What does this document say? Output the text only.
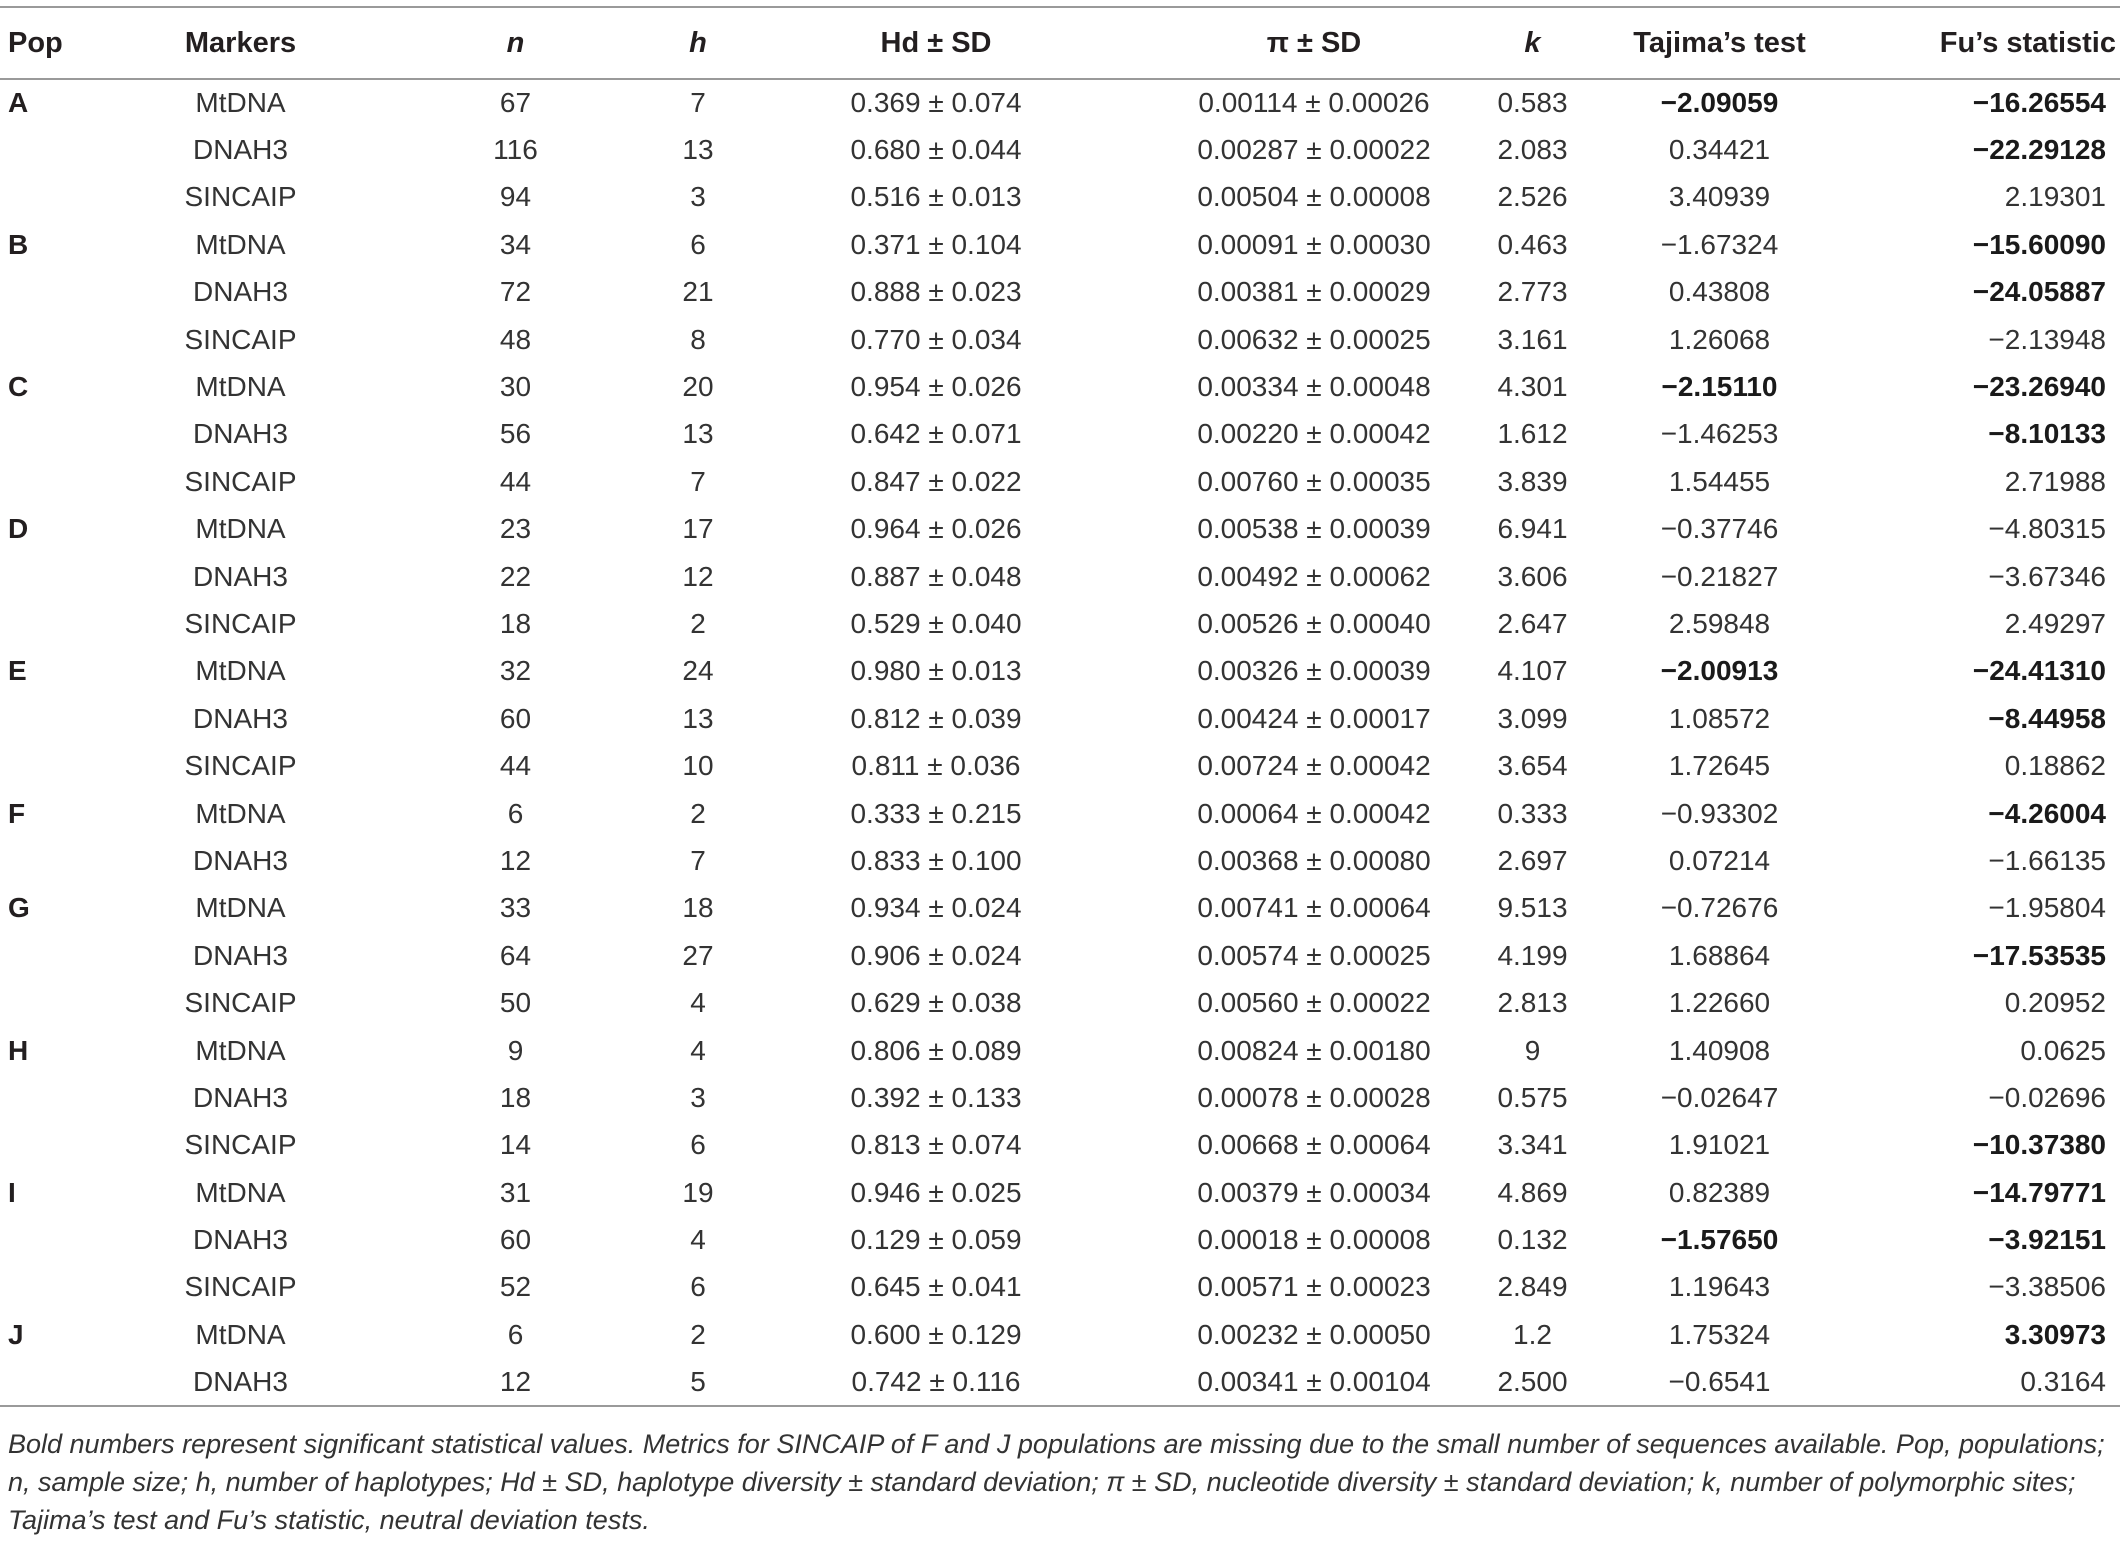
Pop	Markers	n	h	Hd ± SD	π ± SD	k	Tajima’s test	Fu’s statistic
A	MtDNA	67	7	0.369 ± 0.074	0.00114 ± 0.00026	0.583	−2.09059	−16.26554
	DNAH3	116	13	0.680 ± 0.044	0.00287 ± 0.00022	2.083	0.34421	−22.29128
	SINCAIP	94	3	0.516 ± 0.013	0.00504 ± 0.00008	2.526	3.40939	2.19301
B	MtDNA	34	6	0.371 ± 0.104	0.00091 ± 0.00030	0.463	−1.67324	−15.60090
	DNAH3	72	21	0.888 ± 0.023	0.00381 ± 0.00029	2.773	0.43808	−24.05887
	SINCAIP	48	8	0.770 ± 0.034	0.00632 ± 0.00025	3.161	1.26068	−2.13948
C	MtDNA	30	20	0.954 ± 0.026	0.00334 ± 0.00048	4.301	−2.15110	−23.26940
	DNAH3	56	13	0.642 ± 0.071	0.00220 ± 0.00042	1.612	−1.46253	−8.10133
	SINCAIP	44	7	0.847 ± 0.022	0.00760 ± 0.00035	3.839	1.54455	2.71988
D	MtDNA	23	17	0.964 ± 0.026	0.00538 ± 0.00039	6.941	−0.37746	−4.80315
	DNAH3	22	12	0.887 ± 0.048	0.00492 ± 0.00062	3.606	−0.21827	−3.67346
	SINCAIP	18	2	0.529 ± 0.040	0.00526 ± 0.00040	2.647	2.59848	2.49297
E	MtDNA	32	24	0.980 ± 0.013	0.00326 ± 0.00039	4.107	−2.00913	−24.41310
	DNAH3	60	13	0.812 ± 0.039	0.00424 ± 0.00017	3.099	1.08572	−8.44958
	SINCAIP	44	10	0.811 ± 0.036	0.00724 ± 0.00042	3.654	1.72645	0.18862
F	MtDNA	6	2	0.333 ± 0.215	0.00064 ± 0.00042	0.333	−0.93302	−4.26004
	DNAH3	12	7	0.833 ± 0.100	0.00368 ± 0.00080	2.697	0.07214	−1.66135
G	MtDNA	33	18	0.934 ± 0.024	0.00741 ± 0.00064	9.513	−0.72676	−1.95804
	DNAH3	64	27	0.906 ± 0.024	0.00574 ± 0.00025	4.199	1.68864	−17.53535
	SINCAIP	50	4	0.629 ± 0.038	0.00560 ± 0.00022	2.813	1.22660	0.20952
H	MtDNA	9	4	0.806 ± 0.089	0.00824 ± 0.00180	9	1.40908	0.0625
	DNAH3	18	3	0.392 ± 0.133	0.00078 ± 0.00028	0.575	−0.02647	−0.02696
	SINCAIP	14	6	0.813 ± 0.074	0.00668 ± 0.00064	3.341	1.91021	−10.37380
I	MtDNA	31	19	0.946 ± 0.025	0.00379 ± 0.00034	4.869	0.82389	−14.79771
	DNAH3	60	4	0.129 ± 0.059	0.00018 ± 0.00008	0.132	−1.57650	−3.92151
	SINCAIP	52	6	0.645 ± 0.041	0.00571 ± 0.00023	2.849	1.19643	−3.38506
J	MtDNA	6	2	0.600 ± 0.129	0.00232 ± 0.00050	1.2	1.75324	3.30973
	DNAH3	12	5	0.742 ± 0.116	0.00341 ± 0.00104	2.500	−0.6541	0.3164
Bold numbers represent significant statistical values. Metrics for SINCAIP of F and J populations are missing due to the small number of sequences available. Pop, populations; n, sample size; h, number of haplotypes; Hd ± SD, haplotype diversity ± standard deviation; π ± SD, nucleotide diversity ± standard deviation; k, number of polymorphic sites; Tajima’s test and Fu’s statistic, neutral deviation tests.
